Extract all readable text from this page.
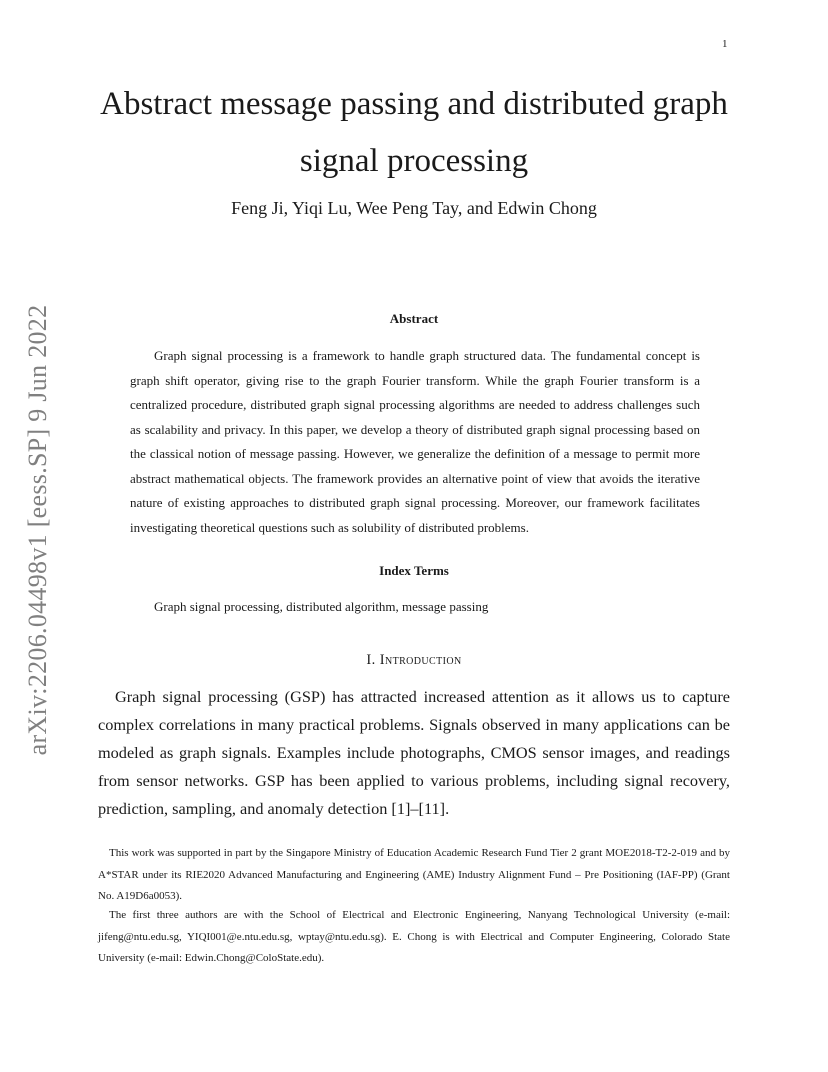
1
arXiv:2206.04498v1 [eess.SP] 9 Jun 2022
Abstract message passing and distributed graph signal processing
Feng Ji, Yiqi Lu, Wee Peng Tay, and Edwin Chong
Abstract

Graph signal processing is a framework to handle graph structured data. The fundamental concept is graph shift operator, giving rise to the graph Fourier transform. While the graph Fourier transform is a centralized procedure, distributed graph signal processing algorithms are needed to address challenges such as scalability and privacy. In this paper, we develop a theory of distributed graph signal processing based on the classical notion of message passing. However, we generalize the definition of a message to permit more abstract mathematical objects. The framework provides an alternative point of view that avoids the iterative nature of existing approaches to distributed graph signal processing. Moreover, our framework facilitates investigating theoretical questions such as solubility of distributed problems.

Index Terms
Graph signal processing, distributed algorithm, message passing
I. Introduction

Graph signal processing (GSP) has attracted increased attention as it allows us to capture complex correlations in many practical problems. Signals observed in many applications can be modeled as graph signals. Examples include photographs, CMOS sensor images, and readings from sensor networks. GSP has been applied to various problems, including signal recovery, prediction, sampling, and anomaly detection [1]–[11].

This work was supported in part by the Singapore Ministry of Education Academic Research Fund Tier 2 grant MOE2018-T2-2-019 and by A*STAR under its RIE2020 Advanced Manufacturing and Engineering (AME) Industry Alignment Fund – Pre Positioning (IAF-PP) (Grant No. A19D6a0053).

The first three authors are with the School of Electrical and Electronic Engineering, Nanyang Technological University (e-mail: jifeng@ntu.edu.sg, YIQI001@e.ntu.edu.sg, wptay@ntu.edu.sg). E. Chong is with Electrical and Computer Engineering, Colorado State University (e-mail: Edwin.Chong@ColoState.edu).
